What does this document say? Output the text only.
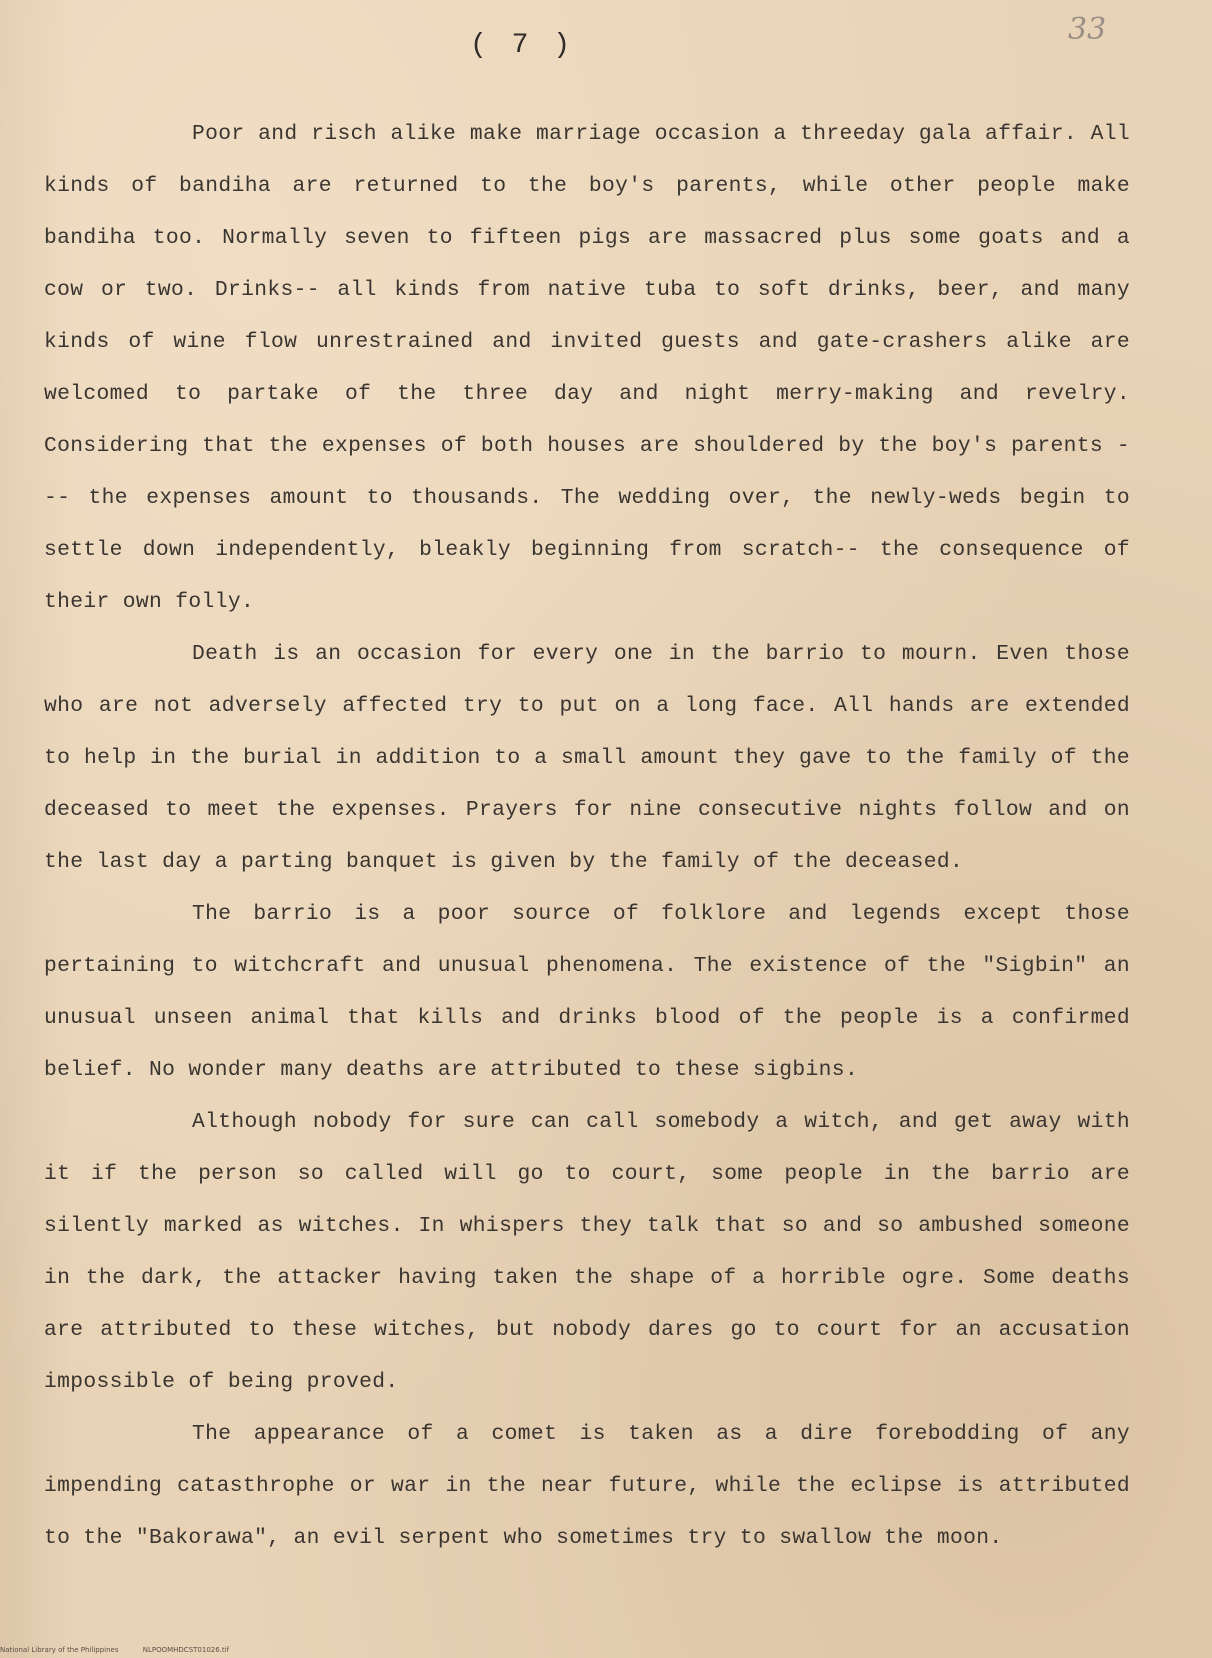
( 7 )	33

Poor and risch alike make marriage occasion a threeday gala affair. All kinds of bandiha are returned to the boy's parents, while other people make bandiha too. Normally seven to fifteen pigs are massacred plus some goats and a cow or two. Drinks-- all kinds from native tuba to soft drinks, beer, and many kinds of wine flow unrestrained and invited guests and gate-crashers alike are welcomed to partake of the three day and night merry-making and revelry. Considering that the expenses of both houses are shouldered by the boy's parents --- the expenses amount to thousands. The wedding over, the newly-weds begin to settle down independently, bleakly beginning from scratch-- the consequence of their own folly.

Death is an occasion for every one in the barrio to mourn. Even those who are not adversely affected try to put on a long face. All hands are extended to help in the burial in addition to a small amount they gave to the family of the deceased to meet the expenses. Prayers for nine consecutive nights follow and on the last day a parting banquet is given by the family of the deceased.

The barrio is a poor source of folklore and legends except those pertaining to witchcraft and unusual phenomena. The existence of the "Sigbin" an unusual unseen animal that kills and drinks blood of the people is a confirmed belief. No wonder many deaths are attributed to these sigbins.

Although nobody for sure can call somebody a witch, and get away with it if the person so called will go to court, some people in the barrio are silently marked as witches. In whispers they talk that so and so ambushed someone in the dark, the attacker having taken the shape of a horrible ogre. Some deaths are attributed to these witches, but nobody dares go to court for an accusation impossible of being proved.

The appearance of a comet is taken as a dire forebodding of any impending catasthrophe or war in the near future, while the eclipse is attributed to the "Bakorawa", an evil serpent who sometimes try to swallow the moon.

National Library of the Philippines	NLPOOMHDCST01026.tif
